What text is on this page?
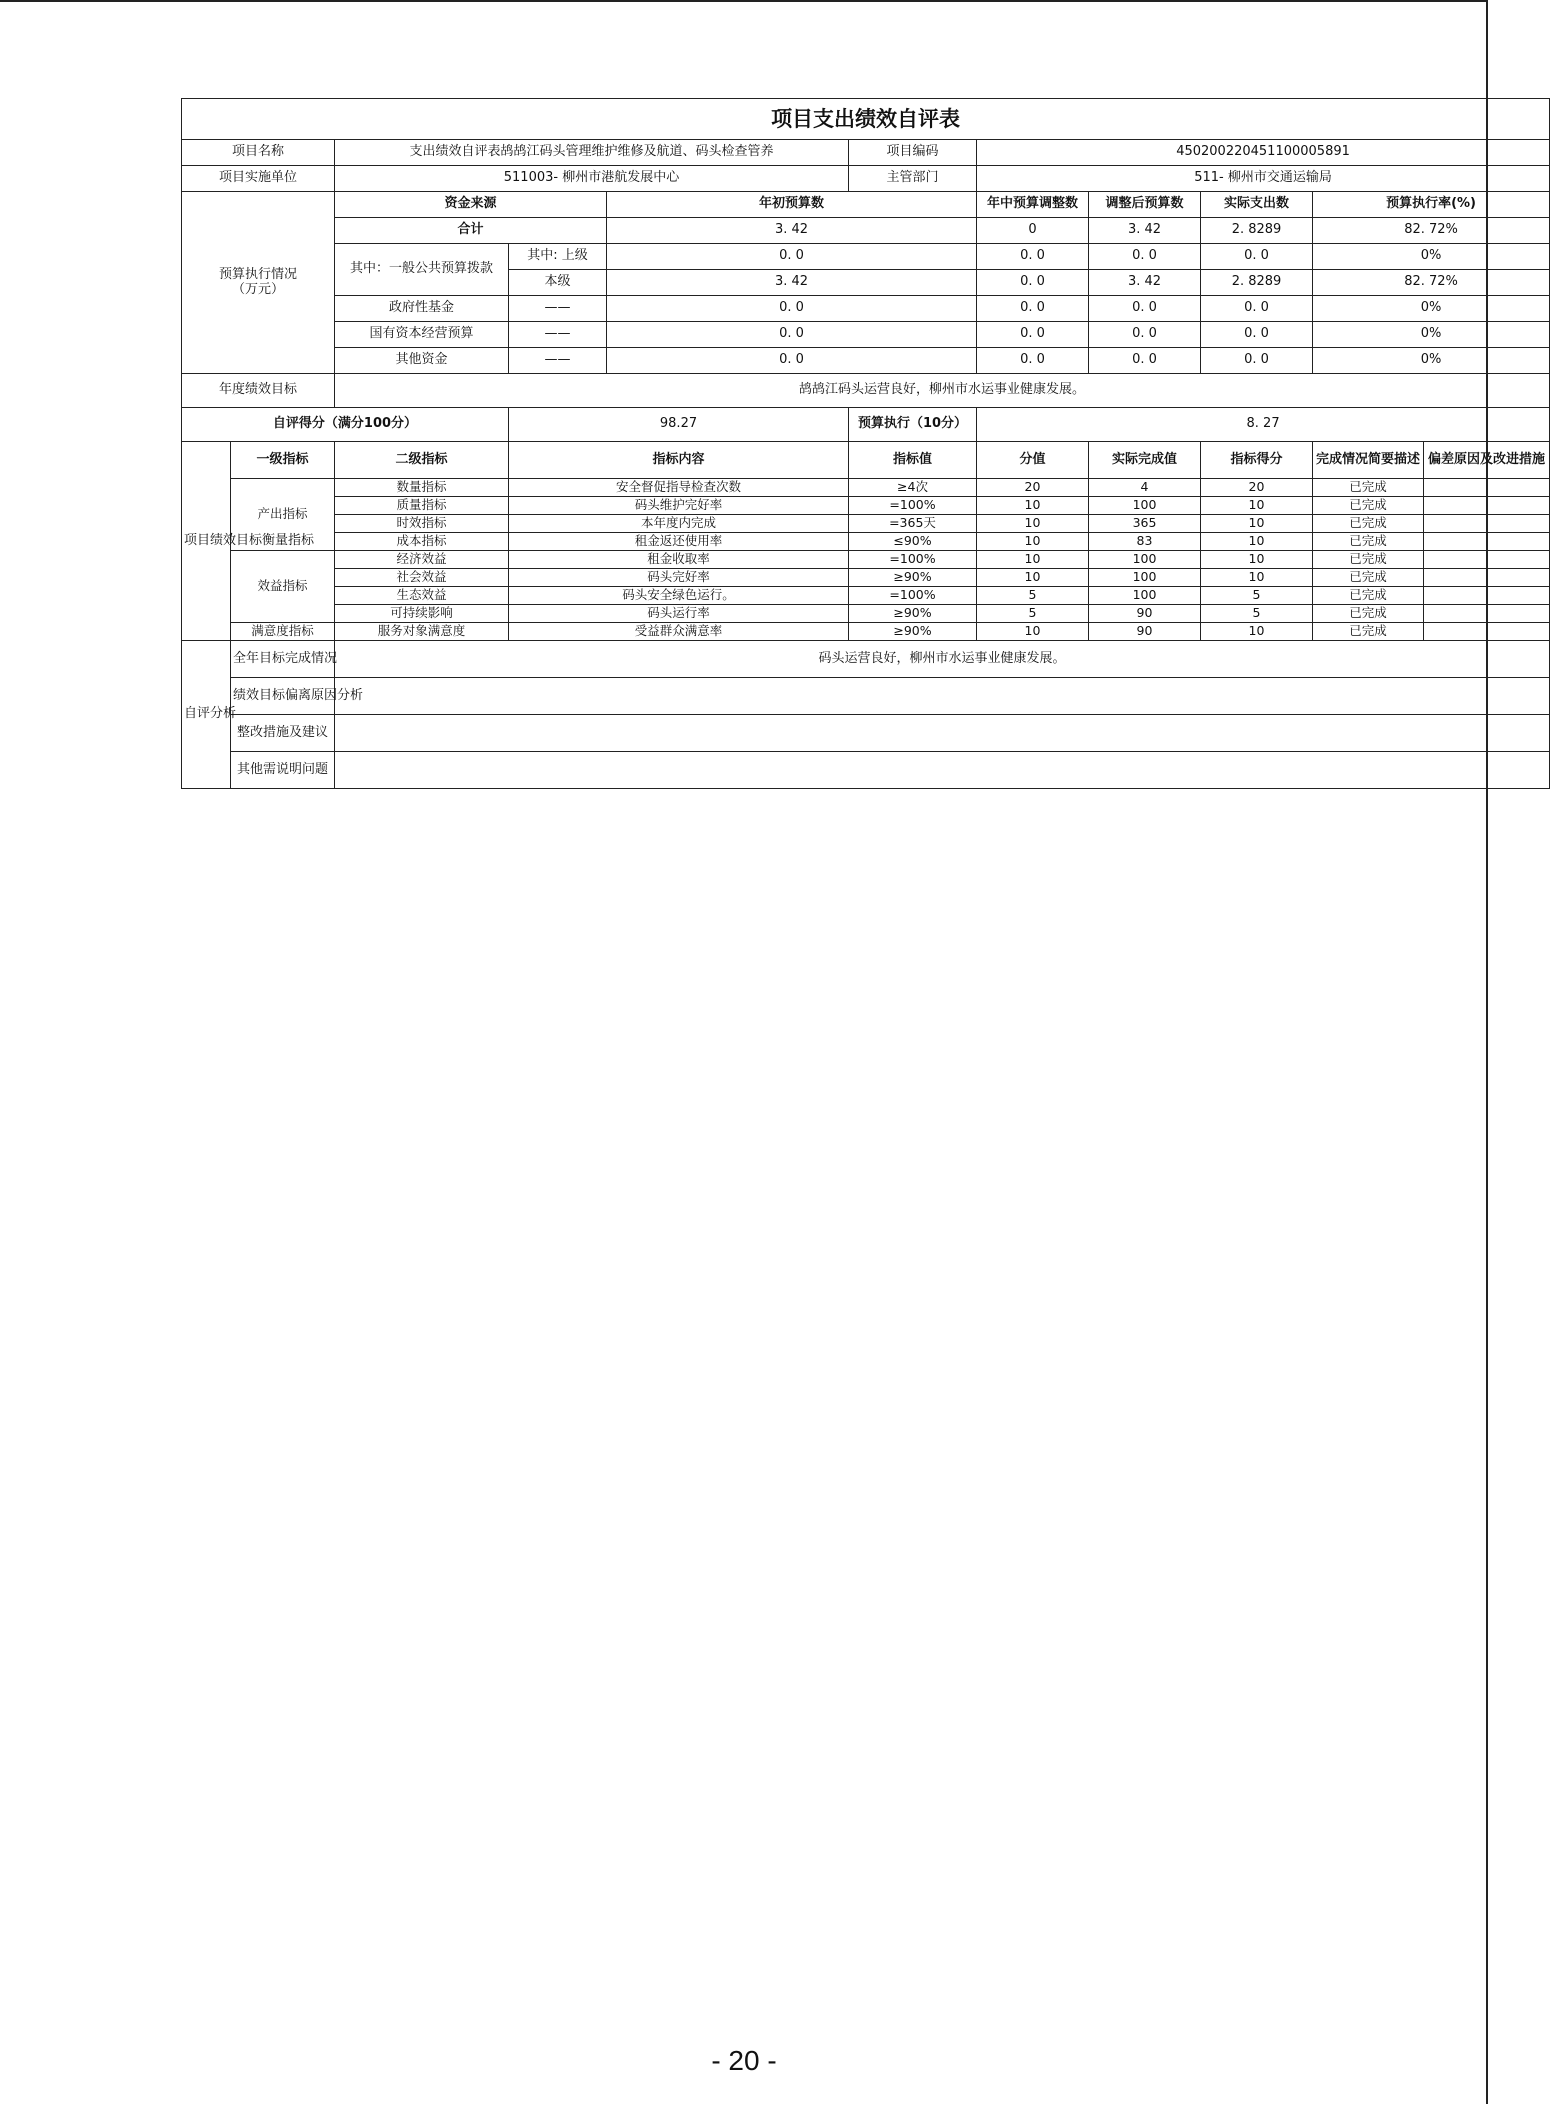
项目支出绩效自评表										
项目名称		支出绩效自评表鸪鸪江码头管理维护维修及航道、码头检查管养			项目编码	450200220451100005891				
项目实施单位		511003- 柳州市港航发展中心			主管部门	511- 柳州市交通运输局				
预算执行情况
（万元）		资金来源		年初预算数		年中预算调整数	调整后预算数	实际支出数	预算执行率(%)	
		合计		3. 42		0	3. 42	2. 8289	82. 72%	
		其中：一般公共预算拨款	其中: 上级	0. 0		0. 0	0. 0	0. 0	0%	
			本级	3. 42		0. 0	3. 42	2. 8289	82. 72%	
		政府性基金	——	0. 0		0. 0	0. 0	0. 0	0%	
		国有资本经营预算	——	0. 0		0. 0	0. 0	0. 0	0%	
		其他资金	——	0. 0		0. 0	0. 0	0. 0	0%	
年度绩效目标		鸪鸪江码头运营良好，柳州市水运事业健康发展。								
自评得分（满分100分）			98.27		预算执行（10分）	8. 27				
项目绩效目标衡量指标	一级指标	二级指标	指标内容		指标值	分值	实际完成值	指标得分	完成情况简要描述	偏差原因及改进措施
	产出指标	数量指标	安全督促指导检查次数		≥4次	20	4	20	已完成	
		质量指标	码头维护完好率		=100%	10	100	10	已完成	
		时效指标	本年度内完成		=365天	10	365	10	已完成	
		成本指标	租金返还使用率		≤90%	10	83	10	已完成	
	效益指标	经济效益	租金收取率		=100%	10	100	10	已完成	
		社会效益	码头完好率		≥90%	10	100	10	已完成	
		生态效益	码头安全绿色运行。		=100%	5	100	5	已完成	
		可持续影响	码头运行率		≥90%	5	90	5	已完成	
	满意度指标	服务对象满意度	受益群众满意率		≥90%	10	90	10	已完成	
自评分析	全年目标完成情况	码头运营良好，柳州市水运事业健康发展。								
	绩效目标偏离原因分析									
	整改措施及建议									
	其他需说明问题									
- 20 -
